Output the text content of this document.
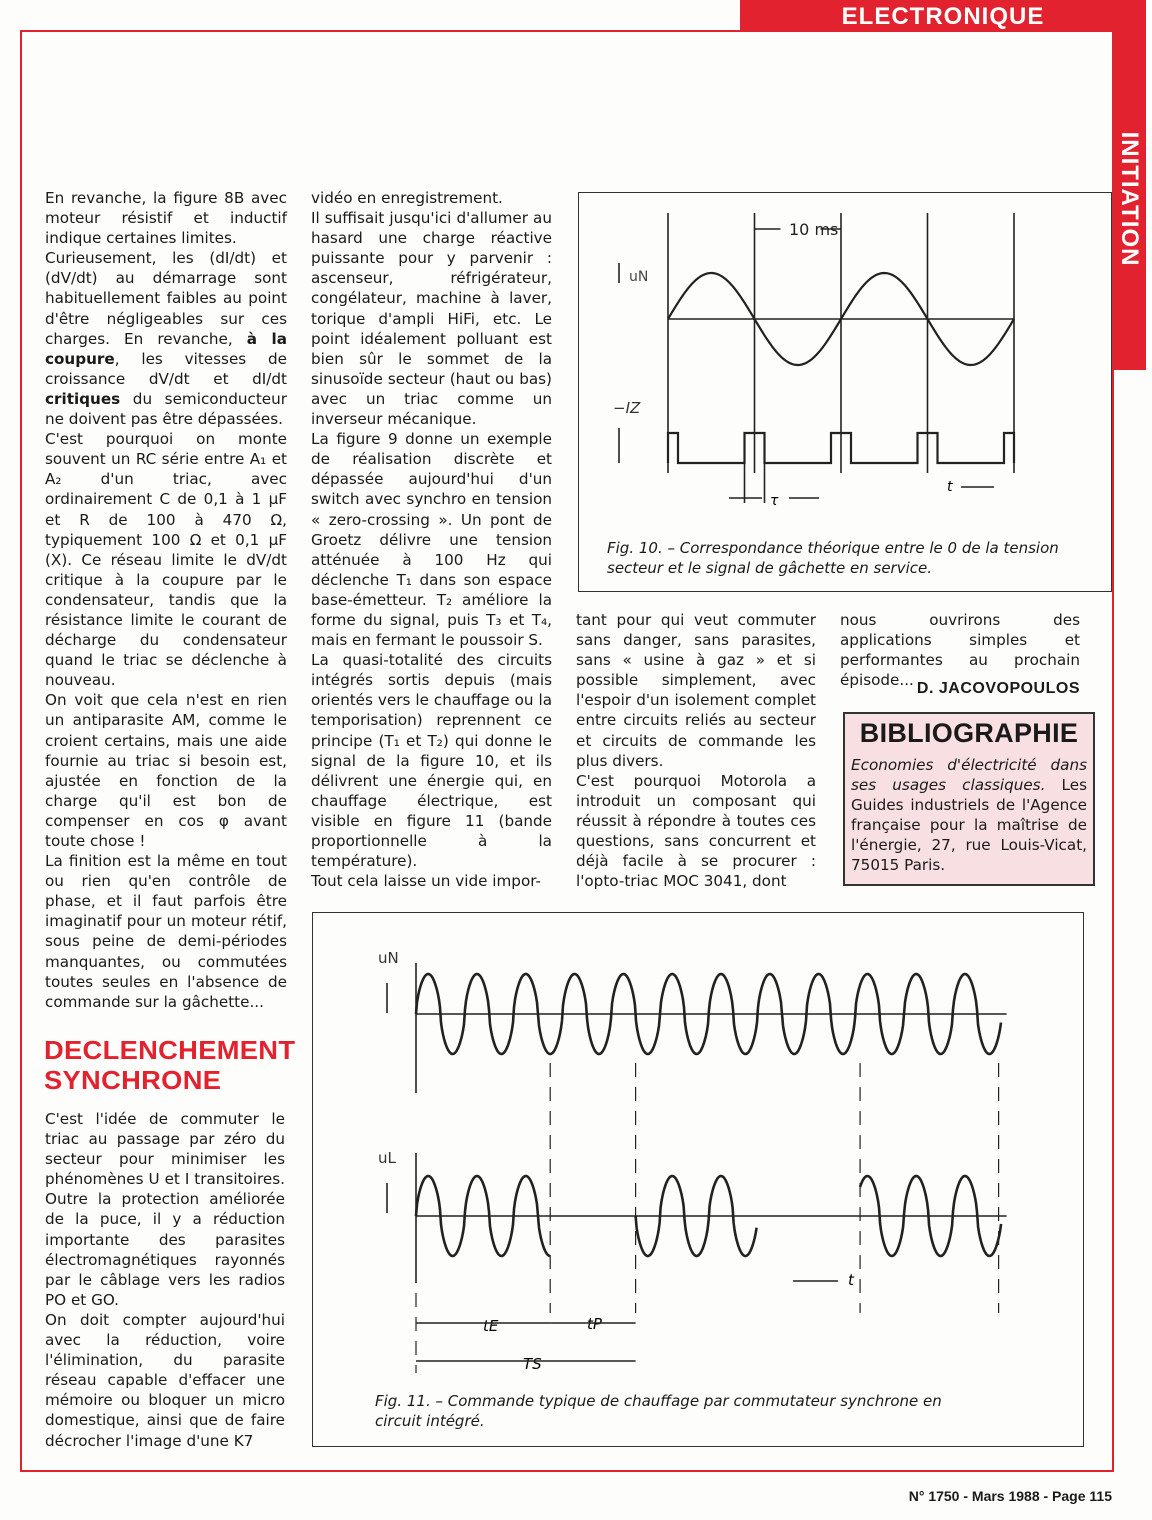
ELECTRONIQUE
INITIATION

En revanche, la figure 8B avec moteur résistif et inductif indique certaines limites.

Curieusement, les (dI/dt) et (dV/dt) au démarrage sont habituellement faibles au point d'être négligeables sur ces charges. En revanche, à la coupure, les vitesses de croissance dV/dt et dI/dt critiques du semiconducteur ne doivent pas être dépassées.

C'est pourquoi on monte souvent un RC série entre A₁ et A₂ d'un triac, avec ordinairement C de 0,1 à 1 µF et R de 100 à 470 Ω, typiquement 100 Ω et 0,1 µF (X). Ce réseau limite le dV/dt critique à la coupure par le condensateur, tandis que la résistance limite le courant de décharge du condensateur quand le triac se déclenche à nouveau.

On voit que cela n'est en rien un antiparasite AM, comme le croient certains, mais une aide fournie au triac si besoin est, ajustée en fonction de la charge qu'il est bon de compenser en cos φ avant toute chose !

La finition est la même en tout ou rien qu'en contrôle de phase, et il faut parfois être imaginatif pour un moteur rétif, sous peine de demi-périodes manquantes, ou commutées toutes seules en l'absence de commande sur la gâchette...

DECLENCHEMENT
SYNCHRONE

C'est l'idée de commuter le triac au passage par zéro du secteur pour minimiser les phénomènes U et I transitoires. Outre la protection améliorée de la puce, il y a réduction importante des parasites électromagnétiques rayonnés par le câblage vers les radios PO et GO.

On doit compter aujourd'hui avec la réduction, voire l'élimination, du parasite réseau capable d'effacer une mémoire ou bloquer un micro domestique, ainsi que de faire décrocher l'image d'une K7

vidéo en enregistrement.

Il suffisait jusqu'ici d'allumer au hasard une charge réactive puissante pour y parvenir : ascenseur, réfrigérateur, congélateur, machine à laver, torique d'ampli HiFi, etc. Le point idéalement polluant est bien sûr le sommet de la sinusoïde secteur (haut ou bas) avec un triac comme un inverseur mécanique.

La figure 9 donne un exemple de réalisation discrète et dépassée aujourd'hui d'un switch avec synchro en tension « zero-crossing ». Un pont de Groetz délivre une tension atténuée à 100 Hz qui déclenche T₁ dans son espace base-émetteur. T₂ améliore la forme du signal, puis T₃ et T₄, mais en fermant le poussoir S.

La quasi-totalité des circuits intégrés sortis depuis (mais orientés vers le chauffage ou la temporisation) reprennent ce principe (T₁ et T₂) qui donne le signal de la figure 10, et ils délivrent une énergie qui, en chauffage électrique, est visible en figure 11 (bande proportionnelle à la température).

Tout cela laisse un vide impor-

tant pour qui veut commuter sans danger, sans parasites, sans « usine à gaz » et si possible simplement, avec l'espoir d'un isolement complet entre circuits reliés au secteur et circuits de commande les plus divers.

C'est pourquoi Motorola a introduit un composant qui réussit à répondre à toutes ces questions, sans concurrent et déjà facile à se procurer : l'opto-triac MOC 3041, dont

nous ouvrirons des applications simples et performantes au prochain épisode... D. JACOVOPOULOS
BIBLIOGRAPHIE
Economies d'électricité dans ses usages classiques. Les Guides industriels de l'Agence française pour la maîtrise de l'énergie, 27, rue Louis-Vicat, 75015 Paris.
uN
−IZ
10 ms
τ
t
Fig. 10. – Correspondance théorique entre le 0 de la tension secteur et le signal de gâchette en service.
uN
uL
t
tE	tP
TS
Fig. 11. – Commande typique de chauffage par commutateur synchrone en circuit intégré.
N° 1750 - Mars 1988 - Page 115
